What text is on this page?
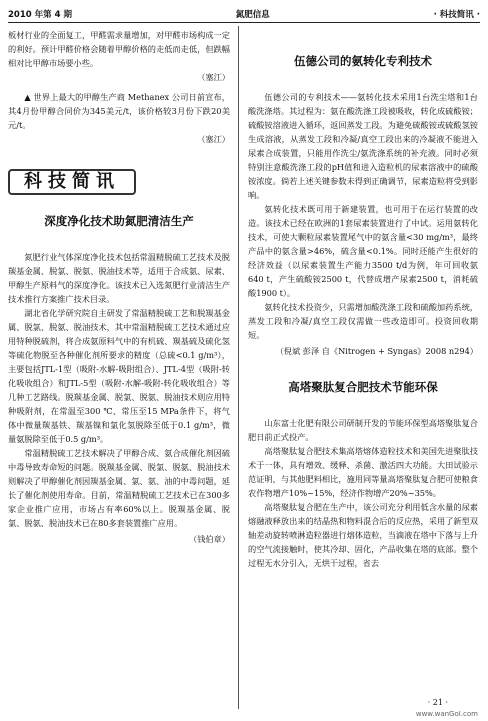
2010 年第 4 期	氮肥信息	· 科技简讯 ·

板材行业的全面复工，甲醛需求量增加，对甲醛市场构成一定的利好。预计甲醛价格会随着甲醇价格的走低而走低，但跌幅相对比甲醇市场要小些。

（塞江）

▲ 世界上最大的甲醇生产商 Methanex 公司日前宣布，其4月份甲醇合同价为345美元/t，该价格较3月份下跌20美元/t。

（塞江）
科技简讯
深度净化技术助氮肥清洁生产

氮肥行业气体深度净化技术包括常温精脱硫工艺技术及脱羰基金属、脱氯、脱氨、脱油技术等，适用于合成氨、尿素、甲醇生产原料气的深度净化。该技术已入选氮肥行业清洁生产技术推行方案推广技术目录。

湖北省化学研究院自主研发了常温精脱硫工艺和脱羰基金属、脱氯、脱氨、脱油技术，其中常温精脱硫工艺技术通过应用特种脱硫剂，将合成氨原料气中的有机硫、羰基硫及硫化氢等硫化物脱至各种催化剂所要求的精度（总硫<0.1 g/m³），主要包括JTL-1型（吸附-水解-吸附组合）、JTL-4型（吸附-转化吸收组合）和JTL-5型（吸附-水解-吸附-转化吸收组合）等几种工艺路线。脱羰基金属、脱氯、脱氨、脱油技术则应用特种吸附剂，在常温至300 ℃、常压至15 MPa条件下，将气体中微量羰基铁、羰基镍和氯化氢脱除至低于0.1 g/m³，微量氨脱除至低于0.5 g/m³。

常温精脱硫工艺技术解决了甲醇合成、氨合成催化剂因硫中毒导致寿命短的问题。脱羰基金属、脱氯、脱氨、脱油技术则解决了甲醇催化剂因羰基金属、氯、氨、油的中毒问题，延长了催化剂使用寿命。目前，常温精脱硫工艺技术已在300多家企业推广应用，市场占有率60%以上。脱羰基金属、脱氯、脱氨、脱油技术已在80多套装置推广应用。

（钱伯章）
伍德公司的氨转化专利技术

伍德公司的专利技术——氨转化技术采用1台洗尘塔和1台酸洗涤塔。其过程为：氨在酸洗涤工段被吸收，转化成硫酸铵；硫酸铵溶液进入循环，返回蒸发工段。为避免硫酸铵或硫酸氢铵生成溶液，从蒸发工段和冷凝/真空工段出来的冷凝液不能进入尿素合成装置，只能用作洗尘/氨洗涤系统的补充液。同时必须特别注意酸洗涤工段的pH值和进入造粒机的尿素溶液中的硫酸铵浓度。倘若上述关键参数未得到正确调节，尿素造粒将受到影响。

氨转化技术既可用于新建装置，也可用于在运行装置的改造。该技术已经在欧洲的1套尿素装置进行了中试。运用氨转化技术，可使大颗粒尿素装置尾气中的氨含量<30 mg/m³，最终产品中的氨含量>46%，硫含量<0.1%。同时还能产生很好的经济效益（以尿素装置生产能力3500 t/d为例，年可回收氨640 t，产生硫酸铵2500 t，代替成增产尿素2500 t，消耗硫酸1900 t）。

氨转化技术投资少，只需增加酸洗涤工段和硫酸加药系统，蒸发工段和冷凝/真空工段仅需做一些改造即可。投资回收期短。

（倪斌 彭泽 自《Nitrogen + Syngas》2008 n294）
高塔聚肽复合肥技术节能环保

山东富士化肥有限公司研制开发的节能环保型高塔聚肽复合肥日前正式投产。

高塔聚肽复合肥技术集高塔熔体造粒技术和美国先进聚肽技术于一体，具有增效、缓释、杀菌、激活四大功能。大田试验示范证明，与其他肥料相比，施用同等量高塔聚肽复合肥可使粮食农作物增产10%~15%，经济作物增产20%~35%。

高塔聚肽复合肥在生产中，该公司充分利用低含水量的尿素熔融液释放出来的结晶热和物料混合后的反应热，采用了新型双轴差动旋转喷淋造粒器进行熔体造粒，当滴液在塔中下落与上升的空气流接触时，使其冷却、固化，产品收集在塔的底部。整个过程无水分引入，无烘干过程，省去

· 21 ·
www.wanGoI.com
